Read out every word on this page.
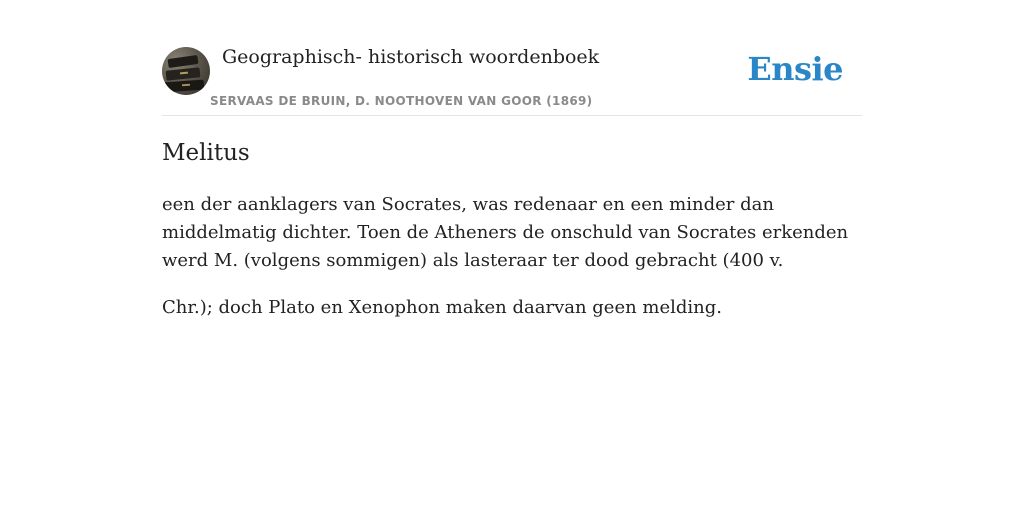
Geographisch- historisch woordenboek
SERVAAS DE BRUIN, D. NOOTHOVEN VAN GOOR (1869)
Ensie
Melitus

een der aanklagers van Socrates, was redenaar en een minder dan middelmatig dichter. Toen de Atheners de onschuld van Socrates erkenden werd M. (volgens sommigen) als lasteraar ter dood gebracht (400 v.

Chr.); doch Plato en Xenophon maken daarvan geen melding.
